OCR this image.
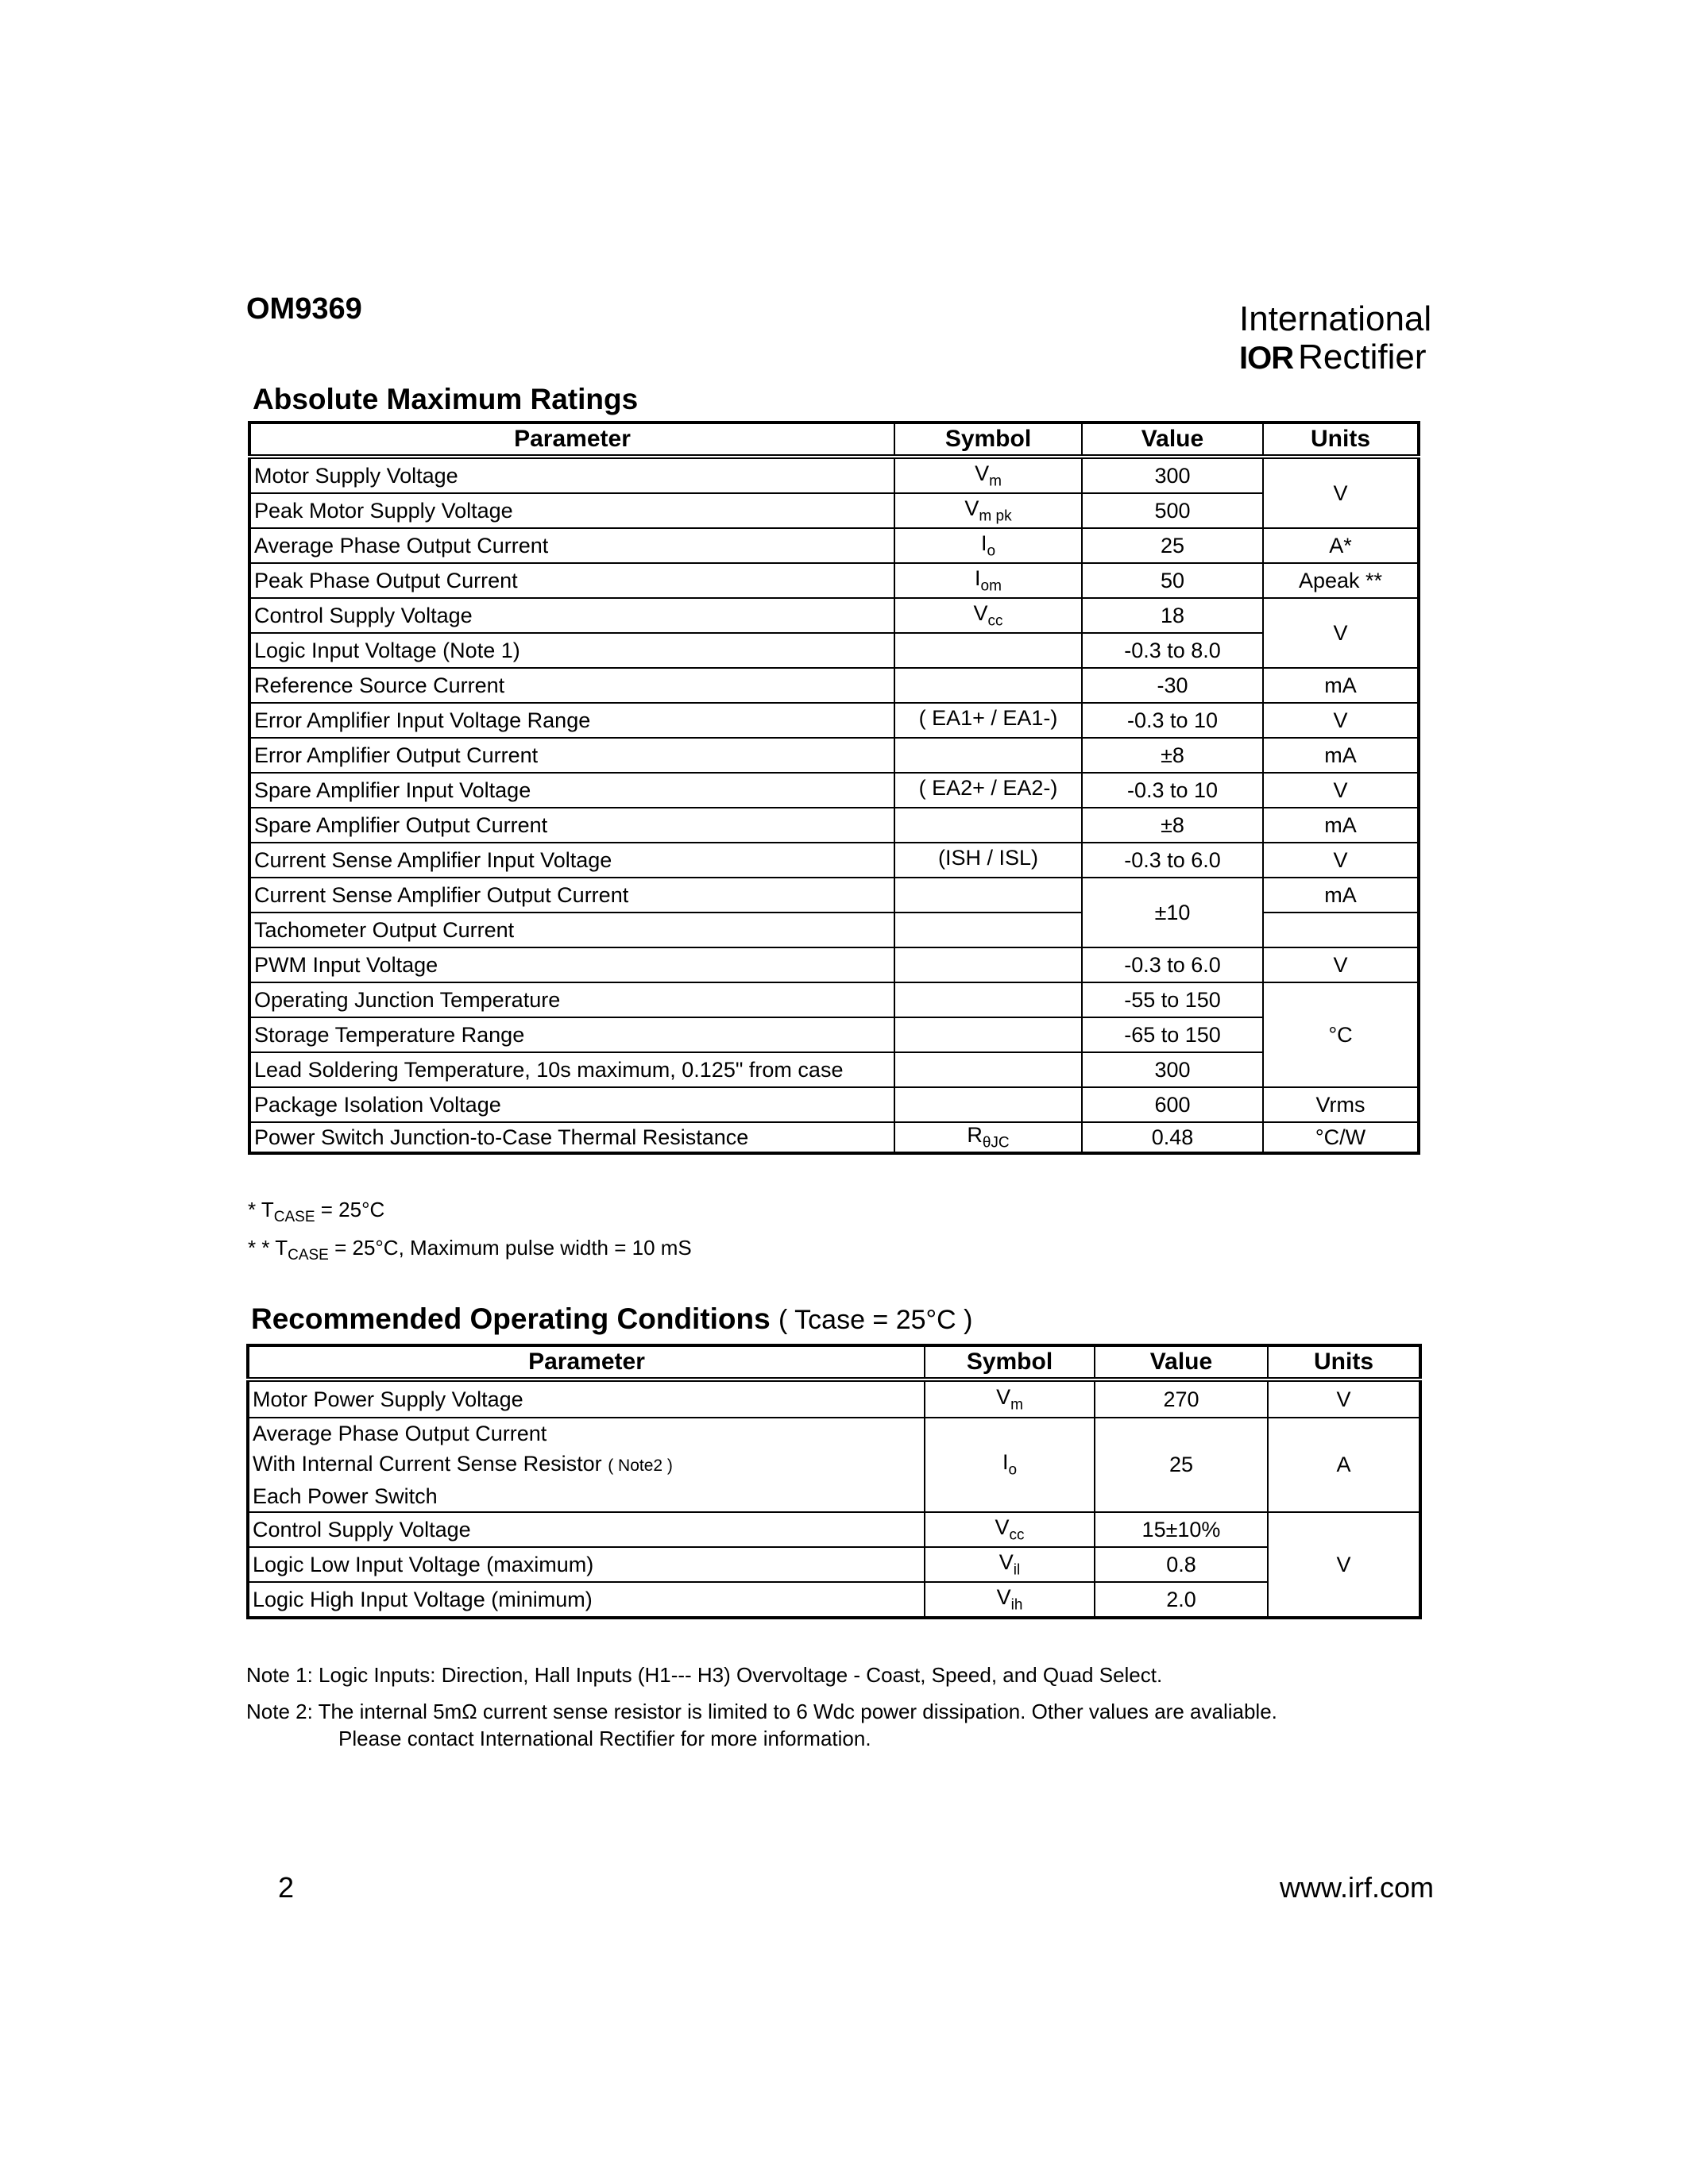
OM9369	International
IOR Rectifier
Absolute Maximum Ratings
Parameter	Symbol	Value	Units
Motor Supply Voltage	$V_m$	300	V
Peak Motor Supply Voltage	$V_{m pk}$	500	
Average Phase Output Current	$I_o$	25	A*
Peak Phase Output Current	$I_{om}$	50	Apeak **
Control Supply Voltage	$V_{cc}$	18	V
Logic Input Voltage (Note 1)		-0.3 to 8.0	
Reference Source Current		-30	mA
Error Amplifier Input Voltage Range	( EA1+ / EA1-)	-0.3 to 10	V
Error Amplifier Output Current		±8	mA
Spare Amplifier Input Voltage	( EA2+ / EA2-)	-0.3 to 10	V
Spare Amplifier Output Current		±8	mA
Current Sense Amplifier Input Voltage	(ISH / ISL)	-0.3 to 6.0	V
Current Sense Amplifier Output Current		±10	mA
Tachometer Output Current			
PWM Input Voltage		-0.3 to 6.0	V
Operating Junction Temperature		-55 to 150	°C
Storage Temperature Range		-65 to 150	
Lead Soldering Temperature, 10s maximum, 0.125" from case		300	
Package Isolation Voltage		600	Vrms
Power Switch Junction-to-Case Thermal Resistance	$R_{\theta JC}$	0.48	°C/W
* $T_{CASE} = 25^\circ C$
* * $T_{CASE} = 25^\circ C$, Maximum pulse width = 10 mS
Recommended Operating Conditions ( Tcase = 25°C )
Parameter	Symbol	Value	Units
Motor Power Supply Voltage	$V_m$	270	V

Average Phase Output Current
With Internal Current Sense Resistor ( Note2 )
Each Power Switch	$I_o$	25	A
Control Supply Voltage	$V_{cc}$	15±10%	V
Logic Low Input Voltage (maximum)	$V_{il}$	0.8	
Logic High Input Voltage (minimum)	$V_{ih}$	2.0	
Note 1: Logic Inputs: Direction, Hall Inputs (H1--- H3) Overvoltage - Coast, Speed, and Quad Select.
Note 2: The internal 5mΩ current sense resistor is limited to 6 Wdc power dissipation. Other values are avaliable.
Please contact International Rectifier for more information.
2	www.irf.com
